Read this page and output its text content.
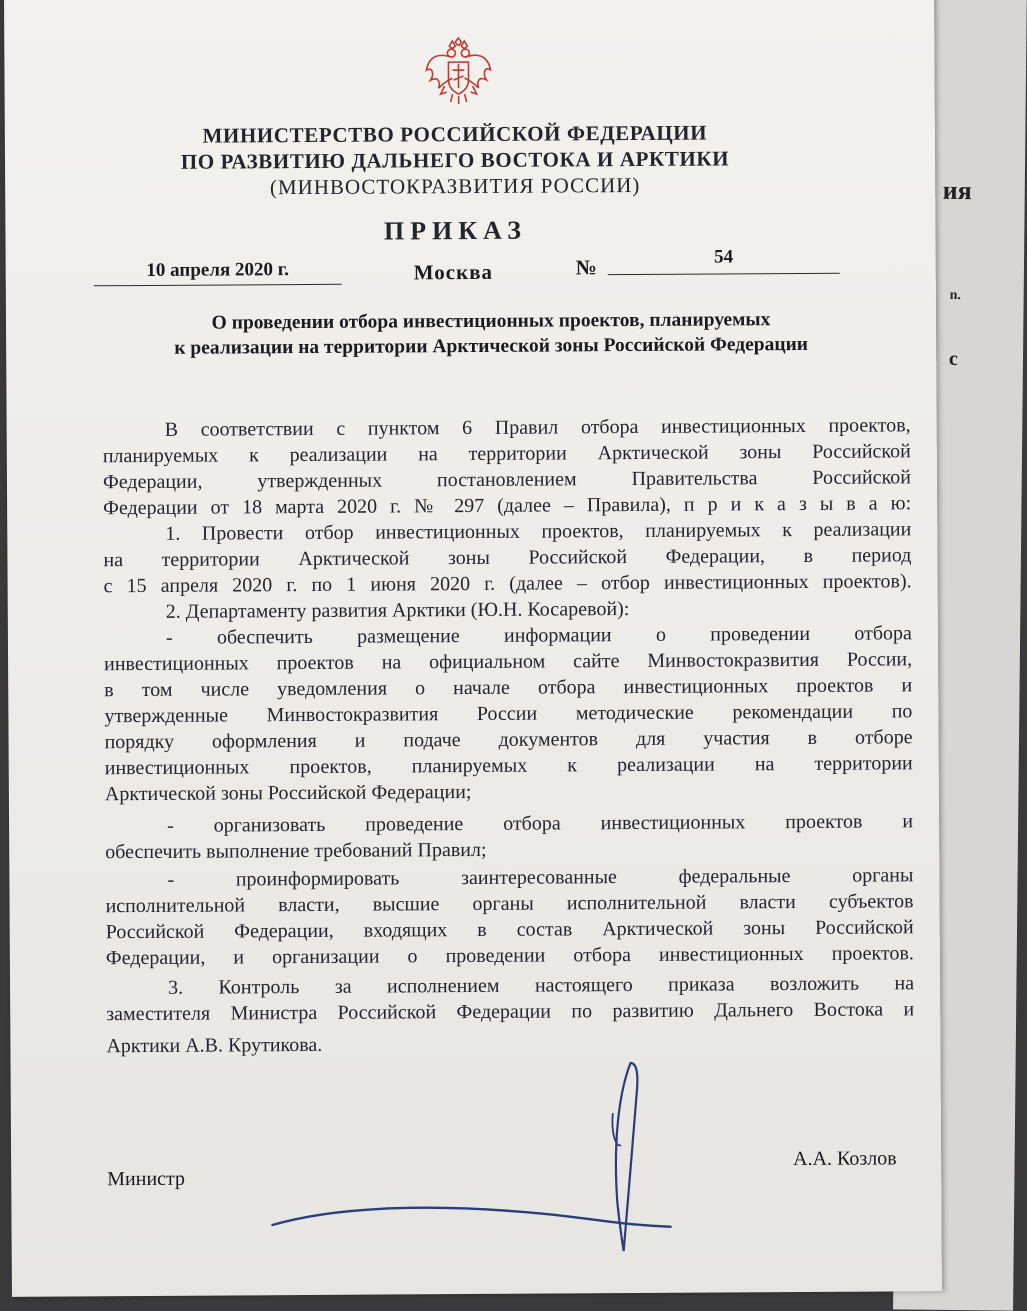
ия
n.
с
МИНИСТЕРСТВО РОССИЙСКОЙ ФЕДЕРАЦИИ
ПО РАЗВИТИЮ ДАЛЬНЕГО ВОСТОКА И АРКТИКИ
(МИНВОСТОКРАЗВИТИЯ РОССИИ)
ПРИКАЗ
10 апреля 2020 г.	Москва	№	54
О проведении отбора инвестиционных проектов, планируемых
к реализации на территории Арктической зоны Российской Федерации
В соответствии с пунктом 6 Правил отбора инвестиционных проектов,
планируемых к реализации на территории Арктической зоны Российской
Федерации, утвержденных постановлением Правительства Российской
Федерации от 18 марта 2020 г. № 297 (далее – Правила), п р и к а з ы в а ю:
1. Провести отбор инвестиционных проектов, планируемых к реализации
на территории Арктической зоны Российской Федерации, в период
с 15 апреля 2020 г. по 1 июня 2020 г. (далее – отбор инвестиционных проектов).
2. Департаменту развития Арктики (Ю.Н. Косаревой):
- обеспечить размещение информации о проведении отбора
инвестиционных проектов на официальном сайте Минвостокразвития России,
в том числе уведомления о начале отбора инвестиционных проектов и
утвержденные Минвостокразвития России методические рекомендации по
порядку оформления и подаче документов для участия в отборе
инвестиционных проектов, планируемых к реализации на территории
Арктической зоны Российской Федерации;
- организовать проведение отбора инвестиционных проектов и
обеспечить выполнение требований Правил;
- проинформировать заинтересованные федеральные органы
исполнительной власти, высшие органы исполнительной власти субъектов
Российской Федерации, входящих в состав Арктической зоны Российской
Федерации, и организации о проведении отбора инвестиционных проектов.
3. Контроль за исполнением настоящего приказа возложить на
заместителя Министра Российской Федерации по развитию Дальнего Востока и
Арктики А.В. Крутикова.
Министр
А.А. Козлов
